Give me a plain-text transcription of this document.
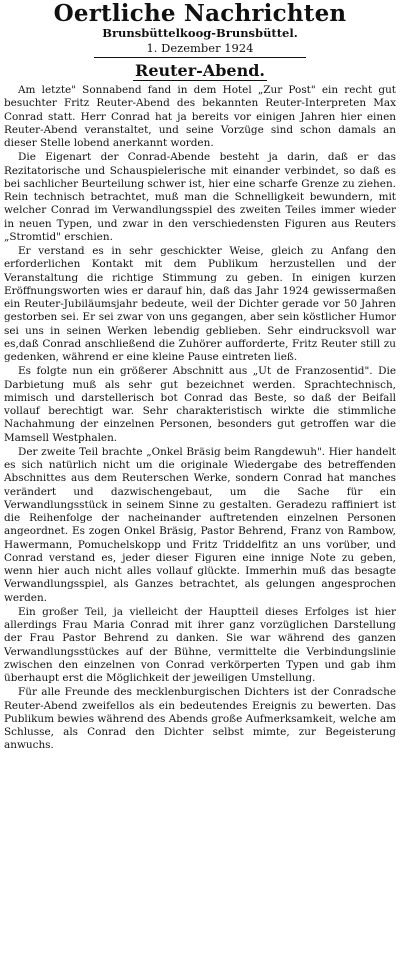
Oertliche Nachrichten
Brunsbüttelkoog-Brunsbüttel.
1. Dezember 1924
Reuter-Abend.

Am letzte" Sonnabend fand in dem Hotel „Zur Post" ein recht gut besuchter Fritz Reuter-Abend des bekannten Reuter-Interpreten Max Conrad statt. Herr Conrad hat ja bereits vor einigen Jahren hier einen Reuter-Abend veranstaltet, und seine Vorzüge sind schon damals an dieser Stelle lobend anerkannt worden.

Die Eigenart der Conrad-Abende besteht ja darin, daß er das Rezitatorische und Schauspielerische mit einander verbindet, so daß es bei sachlicher Beurteilung schwer ist, hier eine scharfe Grenze zu ziehen. Rein technisch betrachtet, muß man die Schnelligkeit bewundern, mit welcher Conrad im Verwandlungsspiel des zweiten Teiles immer wieder in neuen Typen, und zwar in den verschiedensten Figuren aus Reuters „Stromtid" erschien.

Er verstand es in sehr geschickter Weise, gleich zu Anfang den erforderlichen Kontakt mit dem Publikum herzustellen und der Veranstaltung die richtige Stimmung zu geben. In einigen kurzen Eröffnungsworten wies er darauf hin, daß das Jahr 1924 gewissermaßen ein Reuter-Jubiläumsjahr bedeute, weil der Dichter gerade vor 50 Jahren gestorben sei. Er sei zwar von uns gegangen, aber sein köstlicher Humor sei uns in seinen Werken lebendig geblieben. Sehr eindrucksvoll war es,daß Conrad anschließend die Zuhörer aufforderte, Fritz Reuter still zu gedenken, während er eine kleine Pause eintreten ließ.

Es folgte nun ein größerer Abschnitt aus „Ut de Franzosentid". Die Darbietung muß als sehr gut bezeichnet werden. Sprachtechnisch, mimisch und darstellerisch bot Conrad das Beste, so daß der Beifall vollauf berechtigt war. Sehr charakteristisch wirkte die stimmliche Nachahmung der einzelnen Personen, besonders gut getroffen war die Mamsell Westphalen.

Der zweite Teil brachte „Onkel Bräsig beim Rangdewuh". Hier handelt es sich natürlich nicht um die originale Wiedergabe des betreffenden Abschnittes aus dem Reuterschen Werke, sondern Conrad hat manches verändert und dazwischengebaut, um die Sache für ein Verwandlungsstück in seinem Sinne zu gestalten. Geradezu raffiniert ist die Reihenfolge der nacheinander auftretenden einzelnen Personen angeordnet. Es zogen Onkel Bräsig, Pastor Behrend, Franz von Rambow, Hawermann, Pomuchelskopp und Fritz Triddelfitz an uns vorüber, und Conrad verstand es, jeder dieser Figuren eine innige Note zu geben, wenn hier auch nicht alles vollauf glückte. Immerhin muß das besagte Verwandlungsspiel, als Ganzes betrachtet, als gelungen angesprochen werden.

Ein großer Teil, ja vielleicht der Hauptteil dieses Erfolges ist hier allerdings Frau Maria Conrad mit ihrer ganz vorzüglichen Darstellung der Frau Pastor Behrend zu danken. Sie war während des ganzen Verwandlungsstückes auf der Bühne, vermittelte die Verbindungslinie zwischen den einzelnen von Conrad verkörperten Typen und gab ihm überhaupt erst die Möglichkeit der jeweiligen Umstellung.

Für alle Freunde des mecklenburgischen Dichters ist der Conradsche Reuter-Abend zweifellos als ein bedeutendes Ereignis zu bewerten. Das Publikum bewies während des Abends große Aufmerksamkeit, welche am Schlusse, als Conrad den Dichter selbst mimte, zur Begeisterung anwuchs.
